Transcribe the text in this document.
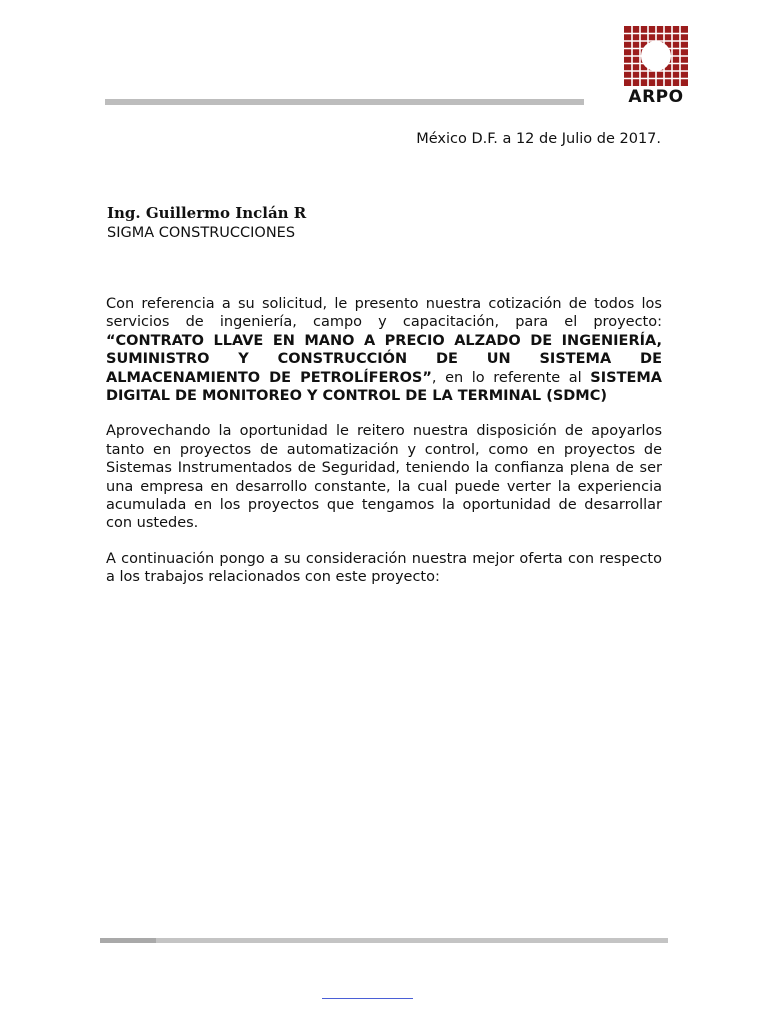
ARPO
México D.F. a 12 de Julio de 2017.
Ing. Guillermo Inclán R
SIGMA CONSTRUCCIONES

Con referencia a su solicitud, le presento nuestra cotización de todos los servicios de ingeniería, campo y capacitación, para el proyecto: “CONTRATO LLAVE EN MANO A PRECIO ALZADO DE INGENIERÍA, SUMINISTRO Y CONSTRUCCIÓN DE UN SISTEMA DE ALMACENAMIENTO DE PETROLÍFEROS”, en lo referente al SISTEMA DIGITAL DE MONITOREO Y CONTROL DE LA TERMINAL (SDMC)

Aprovechando la oportunidad le reitero nuestra disposición de apoyarlos tanto en proyectos de automatización y control, como en proyectos de Sistemas Instrumentados de Seguridad, teniendo la confianza plena de ser una empresa en desarrollo constante, la cual puede verter la experiencia acumulada en los proyectos que tengamos la oportunidad de desarrollar con ustedes.

A continuación pongo a su consideración nuestra mejor oferta con respecto a los trabajos relacionados con este proyecto:
